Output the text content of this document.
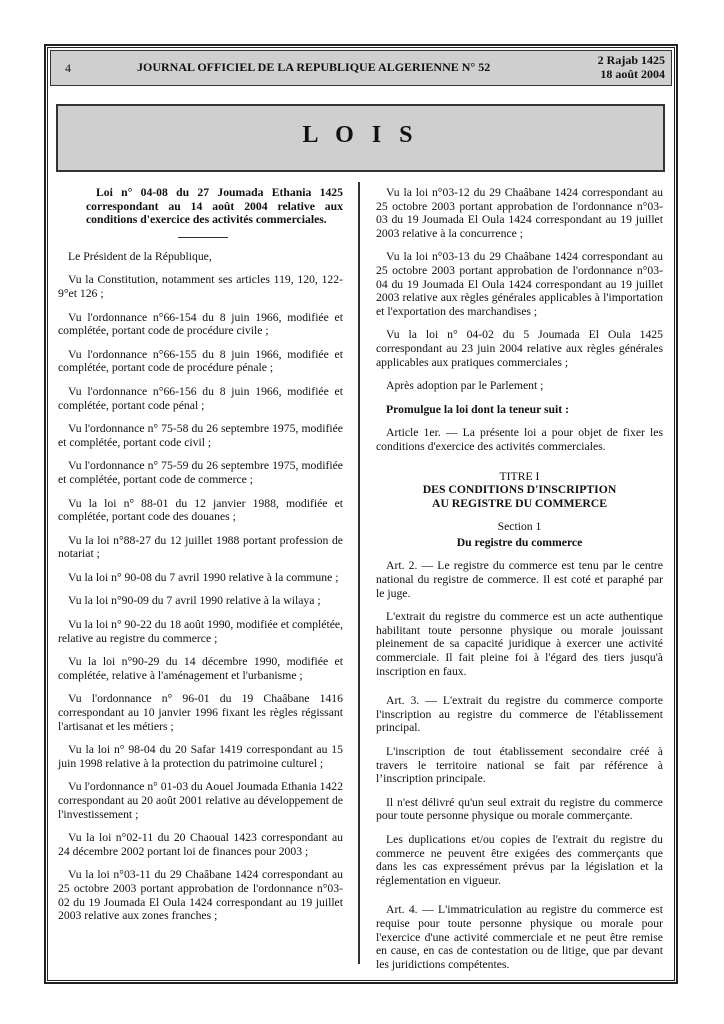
4	JOURNAL OFFICIEL DE LA REPUBLIQUE ALGERIENNE N° 52	2 Rajab 1425
18 août 2004
L O I S

Loi n° 04-08 du 27 Joumada Ethania 1425 correspondant au 14 août 2004 relative aux conditions d'exercice des activités commerciales.

Le Président de la République,

Vu la Constitution, notamment ses articles 119, 120, 122-9°et 126 ;

Vu l'ordonnance n°66-154 du 8 juin 1966, modifiée et complétée, portant code de procédure civile ;

Vu l'ordonnance n°66-155 du 8 juin 1966, modifiée et complétée, portant code de procédure pénale ;

Vu l'ordonnance n°66-156 du 8 juin 1966, modifiée et complétée, portant code pénal ;

Vu l'ordonnance n° 75-58 du 26 septembre 1975, modifiée et complétée, portant code civil ;

Vu l'ordonnance n° 75-59 du 26 septembre 1975, modifiée et complétée, portant code de commerce ;

Vu la loi n° 88-01 du 12 janvier 1988, modifiée et complétée, portant code des douanes ;

Vu la loi n°88-27 du 12 juillet 1988 portant profession de notariat ;

Vu la loi n° 90-08 du 7 avril 1990 relative à la commune ;

Vu la loi n°90-09 du 7 avril 1990 relative à la wilaya ;

Vu la loi n° 90-22 du 18 août 1990, modifiée et complétée, relative au registre du commerce ;

Vu la loi n°90-29 du 14 décembre 1990, modifiée et complétée, relative à l'aménagement et l'urbanisme ;

Vu l'ordonnance n° 96-01 du 19 Chaâbane 1416 correspondant au 10 janvier 1996 fixant les règles régissant l'artisanat et les métiers ;

Vu la loi n° 98-04 du 20 Safar 1419 correspondant au 15 juin 1998 relative à la protection du patrimoine culturel ;

Vu l'ordonnance n° 01-03 du Aouel Joumada Ethania 1422 correspondant au 20 août 2001 relative au développement de l'investissement ;

Vu la loi n°02-11 du 20 Chaoual 1423 correspondant au 24 décembre 2002 portant loi de finances pour 2003 ;

Vu la loi n°03-11 du 29 Chaâbane 1424 correspondant au 25 octobre 2003 portant approbation de l'ordonnance n°03-02 du 19 Joumada El Oula 1424 correspondant au 19 juillet 2003 relative aux zones franches ;

Vu la loi n°03-12 du 29 Chaâbane 1424 correspondant au 25 octobre 2003 portant approbation de l'ordonnance n°03-03 du 19 Joumada El Oula 1424 correspondant au 19 juillet 2003 relative à la concurrence ;

Vu la loi n°03-13 du 29 Chaâbane 1424 correspondant au 25 octobre 2003 portant approbation de l'ordonnance n°03-04 du 19 Joumada El Oula 1424 correspondant au 19 juillet 2003 relative aux règles générales applicables à l'importation et l'exportation des marchandises ;

Vu la loi n° 04-02 du 5 Joumada El Oula 1425 correspondant au 23 juin 2004 relative aux règles générales applicables aux pratiques commerciales ;

Après adoption par le Parlement ;

Promulgue la loi dont la teneur suit :

Article 1er. — La présente loi a pour objet de fixer les conditions d'exercice des activités commerciales.

TITRE I

DES CONDITIONS D'INSCRIPTION

AU REGISTRE DU COMMERCE

Section 1

Du registre du commerce

Art. 2. — Le registre du commerce est tenu par le centre national du registre de commerce. Il est coté et paraphé par le juge.

L'extrait du registre du commerce est un acte authentique habilitant toute personne physique ou morale jouissant pleinement de sa capacité juridique à exercer une activité commerciale. Il fait pleine foi à l'égard des tiers jusqu'à inscription en faux.

Art. 3. — L'extrait du registre du commerce comporte l'inscription au registre du commerce de l'établissement principal.

L'inscription de tout établissement secondaire créé à travers le territoire national se fait par référence à l’inscription principale.

Il n'est délivré qu'un seul extrait du registre du commerce pour toute personne physique ou morale commerçante.

Les duplications et/ou copies de l'extrait du registre du commerce ne peuvent être exigées des commerçants que dans les cas expressément prévus par la législation et la réglementation en vigueur.

Art. 4. — L'immatriculation au registre du commerce est requise pour toute personne physique ou morale pour l'exercice d'une activité commerciale et ne peut être remise en cause, en cas de contestation ou de litige, que par devant les juridictions compétentes.
